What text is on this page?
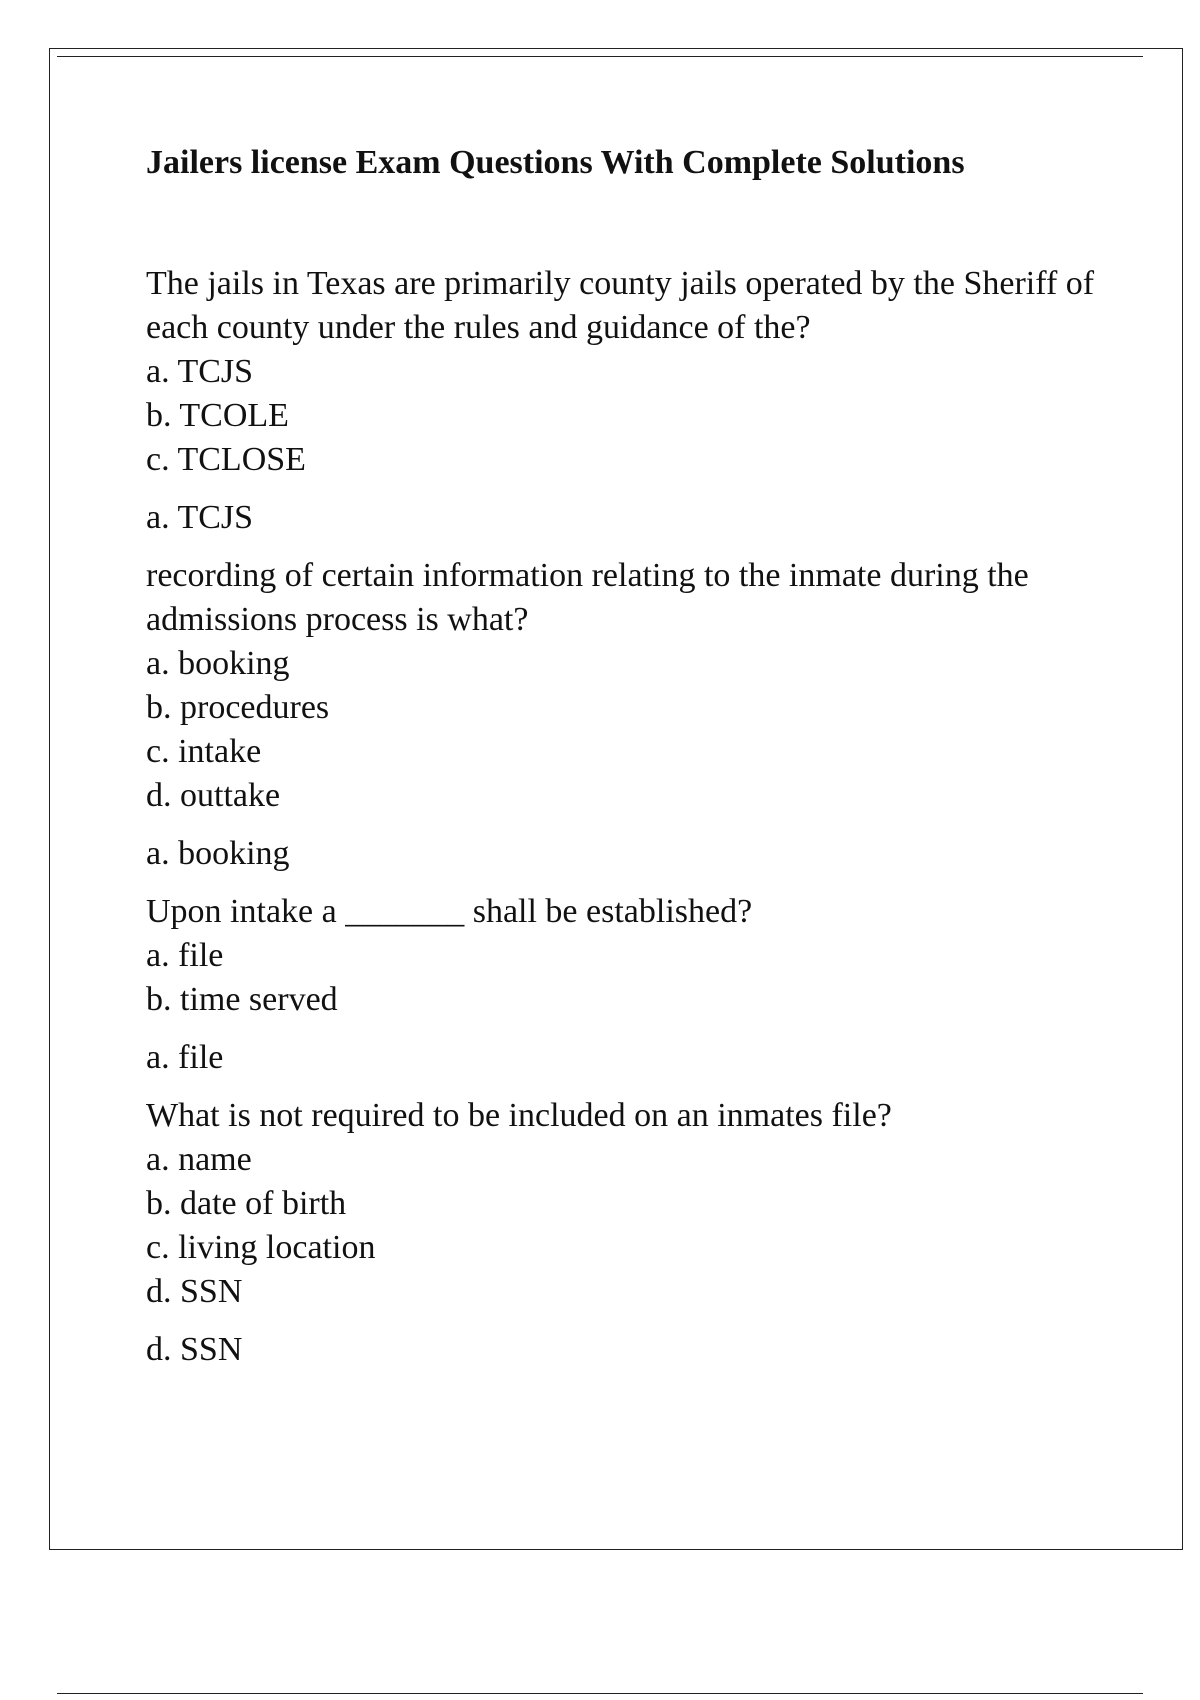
Jailers license Exam Questions With Complete Solutions
The jails in Texas are primarily county jails operated by the Sheriff of each county under the rules and guidance of the?
a. TCJS
b. TCOLE
c. TCLOSE
a. TCJS
recording of certain information relating to the inmate during the admissions process is what?
a. booking
b. procedures
c. intake
d. outtake
a. booking
Upon intake a _______ shall be established?
a. file
b. time served
a. file
What is not required to be included on an inmates file?
a. name
b. date of birth
c. living location
d. SSN
d. SSN
